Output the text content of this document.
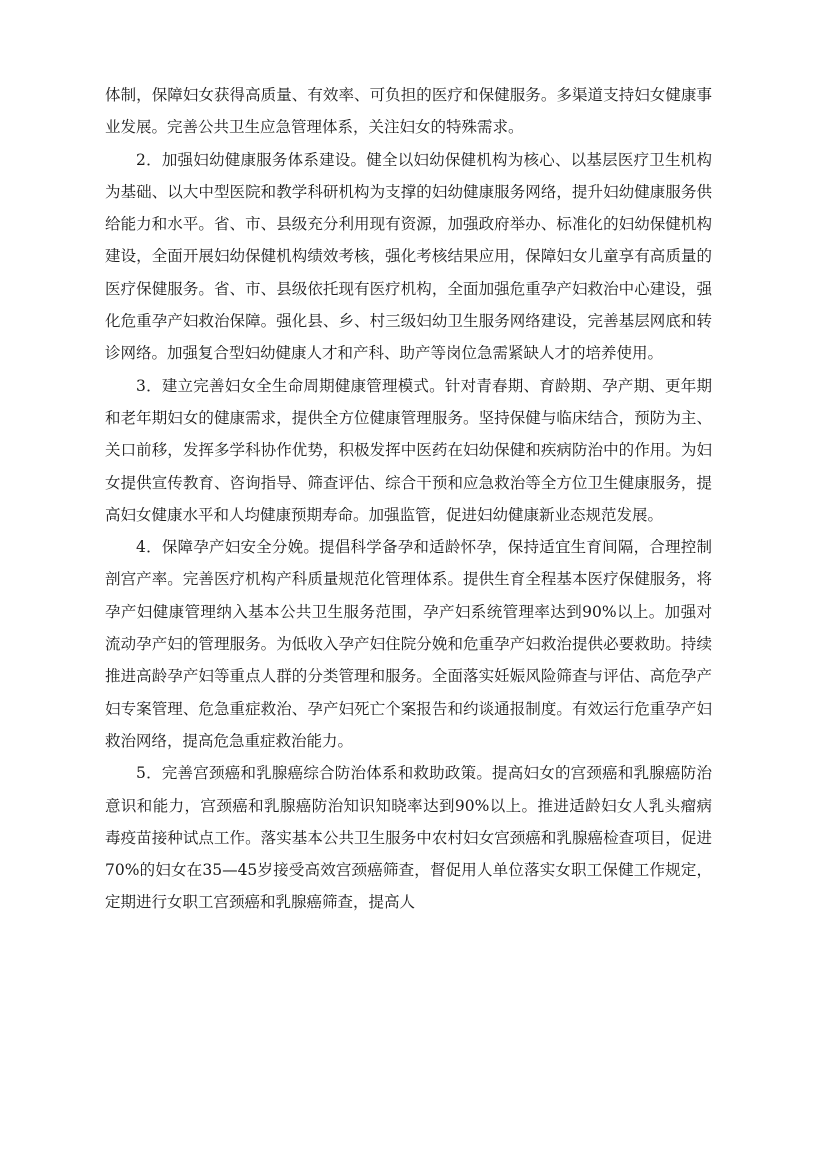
体制，保障妇女获得高质量、有效率、可负担的医疗和保健服务。多渠道支持妇女健康事业发展。完善公共卫生应急管理体系，关注妇女的特殊需求。

2．加强妇幼健康服务体系建设。健全以妇幼保健机构为核心、以基层医疗卫生机构为基础、以大中型医院和教学科研机构为支撑的妇幼健康服务网络，提升妇幼健康服务供给能力和水平。省、市、县级充分利用现有资源，加强政府举办、标准化的妇幼保健机构建设，全面开展妇幼保健机构绩效考核，强化考核结果应用，保障妇女儿童享有高质量的医疗保健服务。省、市、县级依托现有医疗机构，全面加强危重孕产妇救治中心建设，强化危重孕产妇救治保障。强化县、乡、村三级妇幼卫生服务网络建设，完善基层网底和转诊网络。加强复合型妇幼健康人才和产科、助产等岗位急需紧缺人才的培养使用。

3．建立完善妇女全生命周期健康管理模式。针对青春期、育龄期、孕产期、更年期和老年期妇女的健康需求，提供全方位健康管理服务。坚持保健与临床结合，预防为主、关口前移，发挥多学科协作优势，积极发挥中医药在妇幼保健和疾病防治中的作用。为妇女提供宣传教育、咨询指导、筛查评估、综合干预和应急救治等全方位卫生健康服务，提高妇女健康水平和人均健康预期寿命。加强监管，促进妇幼健康新业态规范发展。

4．保障孕产妇安全分娩。提倡科学备孕和适龄怀孕，保持适宜生育间隔，合理控制剖宫产率。完善医疗机构产科质量规范化管理体系。提供生育全程基本医疗保健服务，将孕产妇健康管理纳入基本公共卫生服务范围，孕产妇系统管理率达到90%以上。加强对流动孕产妇的管理服务。为低收入孕产妇住院分娩和危重孕产妇救治提供必要救助。持续推进高龄孕产妇等重点人群的分类管理和服务。全面落实妊娠风险筛查与评估、高危孕产妇专案管理、危急重症救治、孕产妇死亡个案报告和约谈通报制度。有效运行危重孕产妇救治网络，提高危急重症救治能力。

5．完善宫颈癌和乳腺癌综合防治体系和救助政策。提高妇女的宫颈癌和乳腺癌防治意识和能力，宫颈癌和乳腺癌防治知识知晓率达到90%以上。推进适龄妇女人乳头瘤病毒疫苗接种试点工作。落实基本公共卫生服务中农村妇女宫颈癌和乳腺癌检查项目，促进70%的妇女在35—45岁接受高效宫颈癌筛查，督促用人单位落实女职工保健工作规定，定期进行女职工宫颈癌和乳腺癌筛查，提高人
